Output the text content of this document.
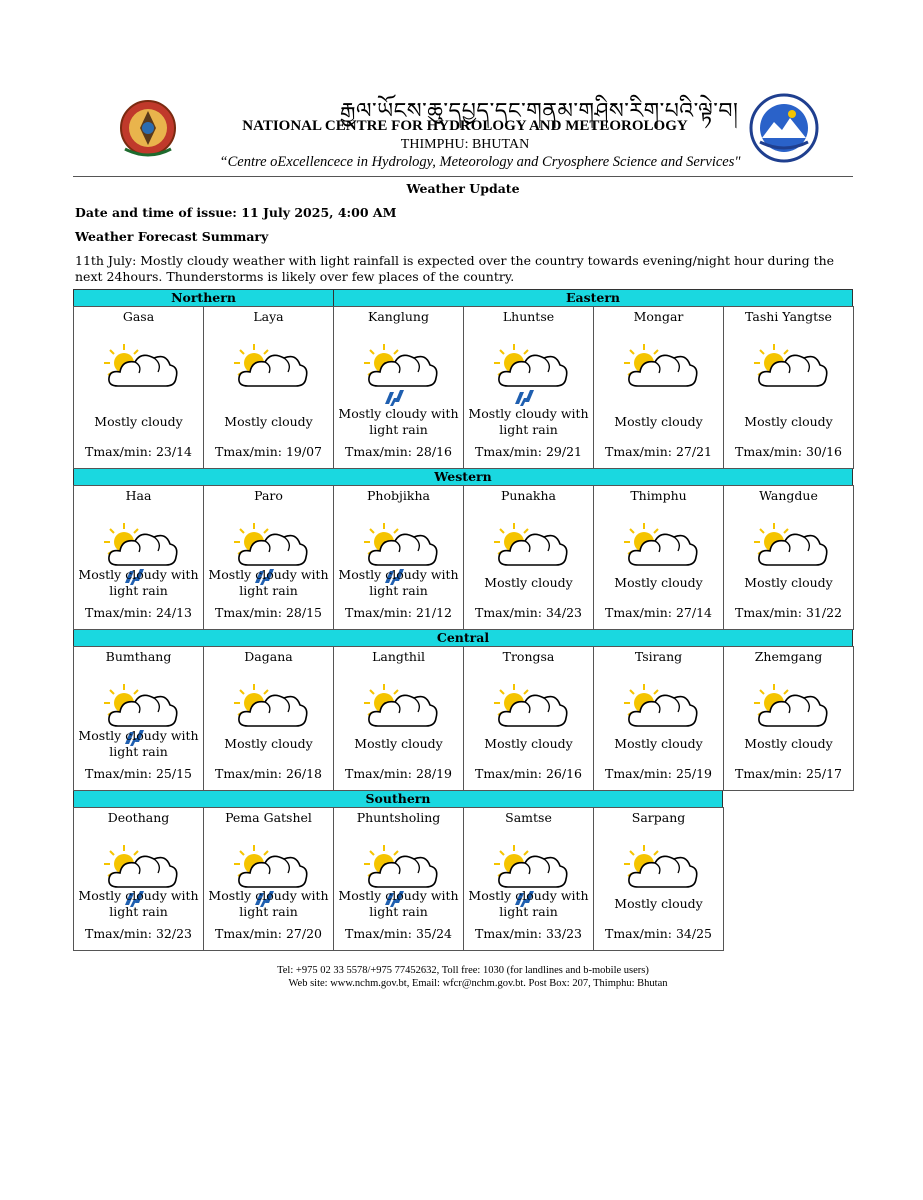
རྒྱལ་ཡོངས་ཆུ་དཔྱད་དང་གནམ་གཤིས་རིག་པའི་ལྟེ་བ།
NATIONAL CENTRE FOR HYDROLOGY AND METEOROLOGY
THIMPHU: BHUTAN
“Centre oExcellencece in Hydrology, Meteorology and Cryosphere Science and Services"
Weather Update
Date and time of issue: 11 July 2025, 4:00 AM
Weather Forecast Summary
11th July: Mostly cloudy weather with light rainfall is expected over the country towards evening/night hour during the next 24hours. Thunderstorms is likely over few places of the country.
Northern	Eastern
Western
Central
Southern
Gasa
Mostly cloudy
Tmax/min: 23/14
Laya
Mostly cloudy
Tmax/min: 19/07
Kanglung
Mostly cloudy with light rain
Tmax/min: 28/16
Lhuntse
Mostly cloudy with light rain
Tmax/min: 29/21
Mongar
Mostly cloudy
Tmax/min: 27/21
Tashi Yangtse
Mostly cloudy
Tmax/min: 30/16
Haa
Mostly cloudy with light rain
Tmax/min: 24/13
Paro
Mostly cloudy with light rain
Tmax/min: 28/15
Phobjikha
Mostly cloudy with light rain
Tmax/min: 21/12
Punakha
Mostly cloudy
Tmax/min: 34/23
Thimphu
Mostly cloudy
Tmax/min: 27/14
Wangdue
Mostly cloudy
Tmax/min: 31/22
Bumthang
Mostly cloudy with light rain
Tmax/min: 25/15
Dagana
Mostly cloudy
Tmax/min: 26/18
Langthil
Mostly cloudy
Tmax/min: 28/19
Trongsa
Mostly cloudy
Tmax/min: 26/16
Tsirang
Mostly cloudy
Tmax/min: 25/19
Zhemgang
Mostly cloudy
Tmax/min: 25/17
Deothang
Mostly cloudy with light rain
Tmax/min: 32/23
Pema Gatshel
Mostly cloudy with light rain
Tmax/min: 27/20
Phuntsholing
Mostly cloudy with light rain
Tmax/min: 35/24
Samtse
Mostly cloudy with light rain
Tmax/min: 33/23
Sarpang
Mostly cloudy
Tmax/min: 34/25
Tel: +975 02 33 5578/+975 77452632, Toll free: 1030 (for landlines and b-mobile users)
Web site: www.nchm.gov.bt, Email: wfcr@nchm.gov.bt. Post Box: 207, Thimphu: Bhutan
